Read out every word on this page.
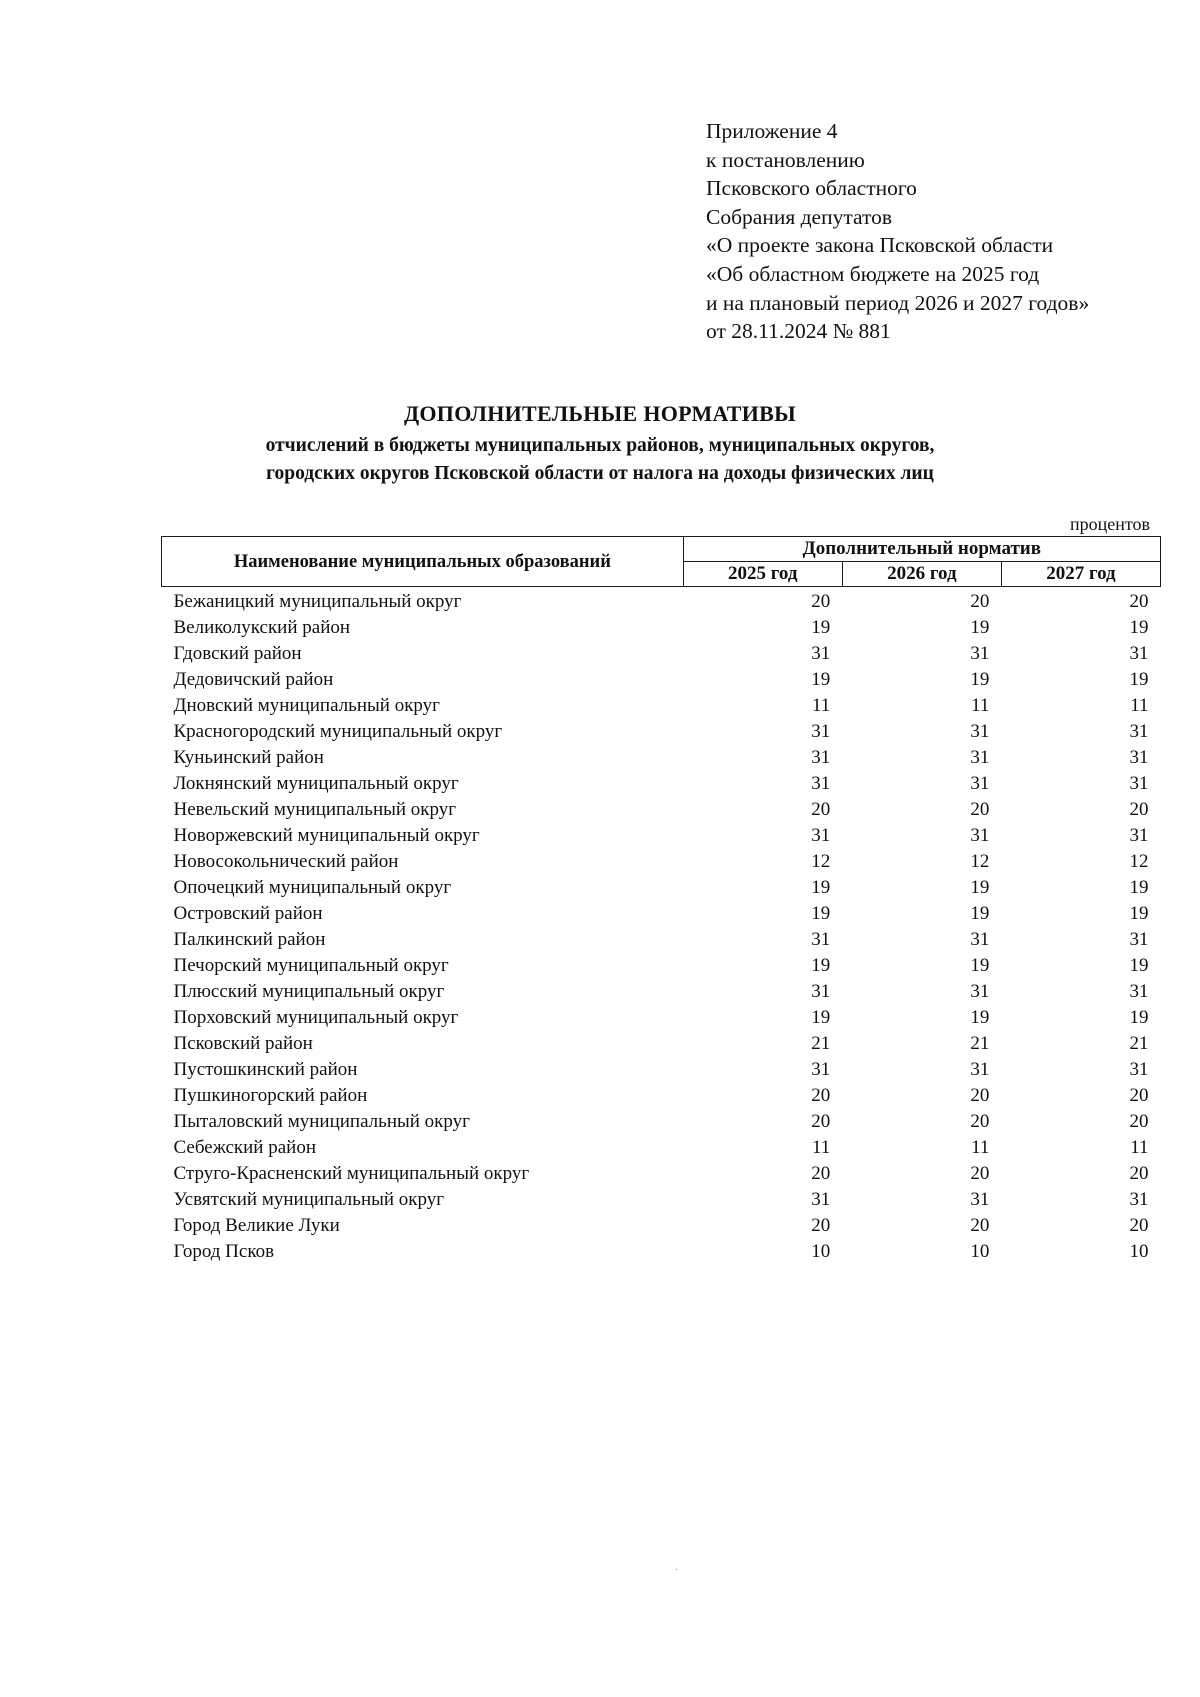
Приложение 4
к постановлению
Псковского областного
Собрания депутатов
«О проекте закона Псковской области
«Об областном бюджете на 2025 год
и на плановый период 2026 и 2027 годов»
от 28.11.2024 № 881
ДОПОЛНИТЕЛЬНЫЕ НОРМАТИВЫ
отчислений в бюджеты муниципальных районов, муниципальных округов,
городских округов Псковской области от налога на доходы физических лиц
процентов
Наименование муниципальных образований	Дополнительный норматив		
	2025 год	2026 год	2027 год
Бежаницкий муниципальный округ	20	20	20
Великолукский район	19	19	19
Гдовский район	31	31	31
Дедовичский район	19	19	19
Дновский муниципальный округ	11	11	11
Красногородский муниципальный округ	31	31	31
Куньинский район	31	31	31
Локнянский муниципальный округ	31	31	31
Невельский муниципальный округ	20	20	20
Новоржевский муниципальный округ	31	31	31
Новосокольнический район	12	12	12
Опочецкий муниципальный округ	19	19	19
Островский район	19	19	19
Палкинский район	31	31	31
Печорский муниципальный округ	19	19	19
Плюсский муниципальный округ	31	31	31
Порховский муниципальный округ	19	19	19
Псковский район	21	21	21
Пустошкинский район	31	31	31
Пушкиногорский район	20	20	20
Пыталовский муниципальный округ	20	20	20
Себежский район	11	11	11
Струго-Красненский муниципальный округ	20	20	20
Усвятский муниципальный округ	31	31	31
Город Великие Луки	20	20	20
Город Псков	10	10	10
·
